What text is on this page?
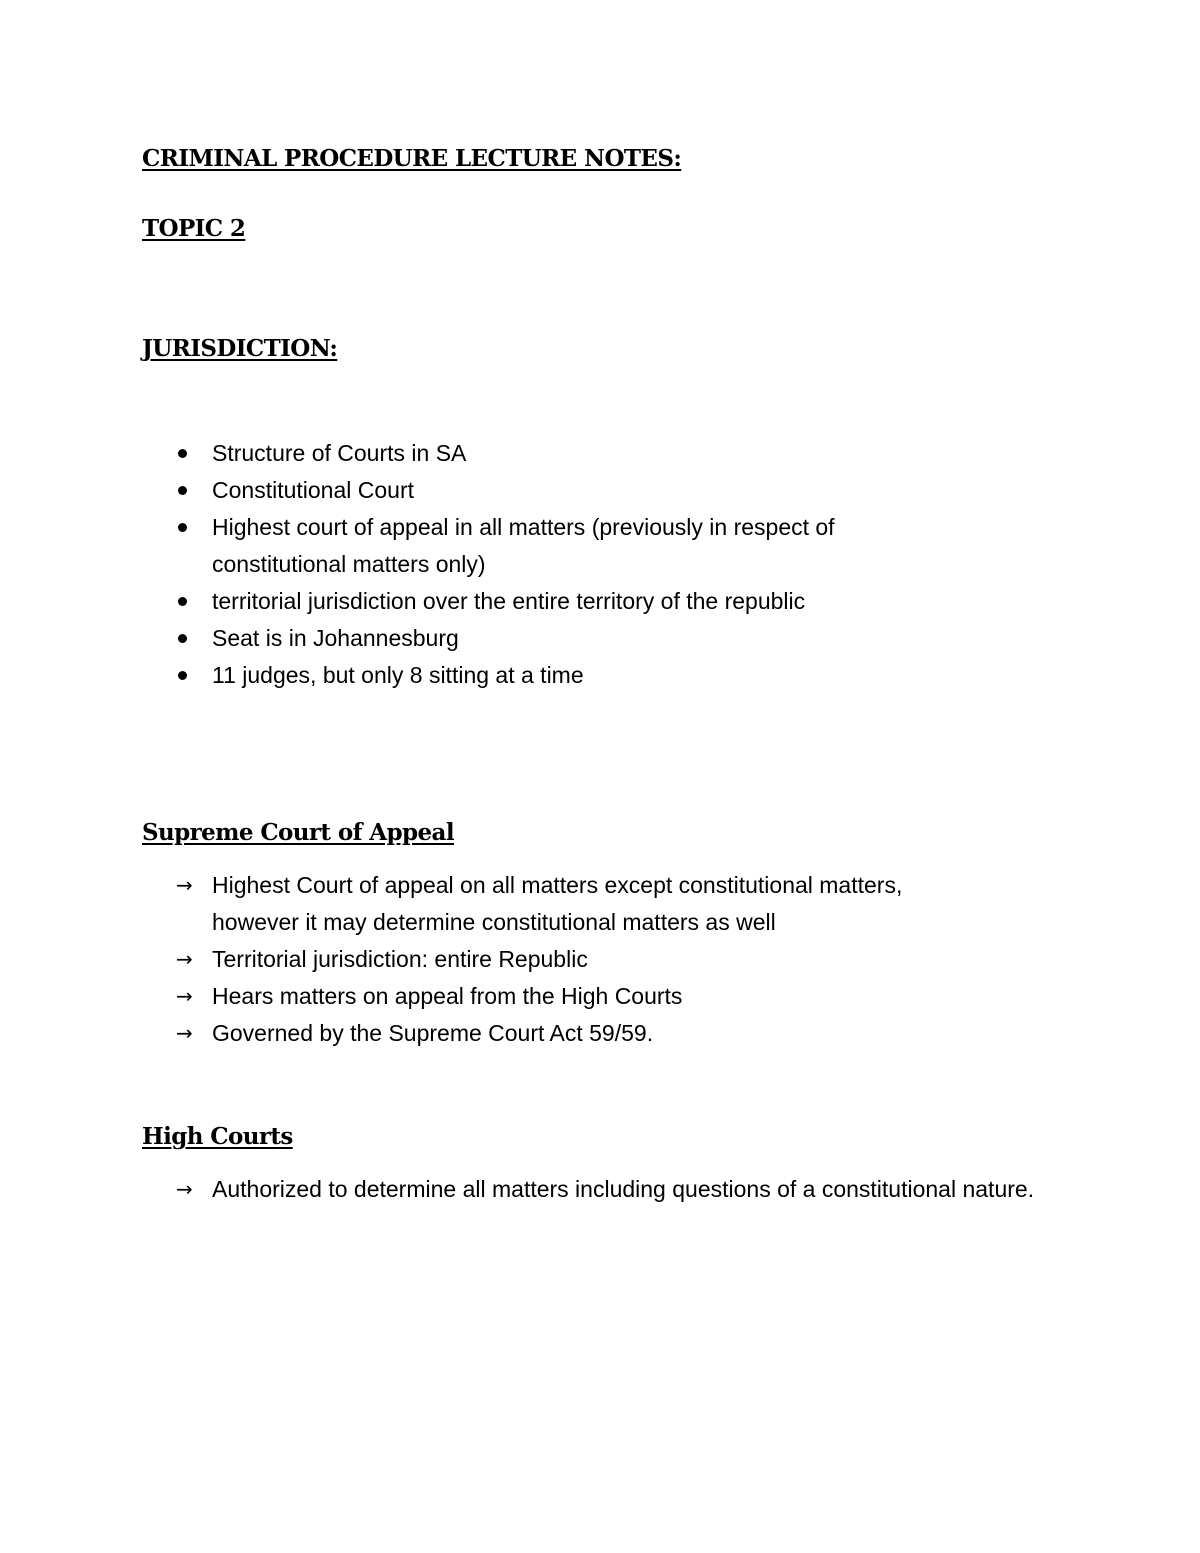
CRIMINAL PROCEDURE LECTURE NOTES:
TOPIC 2
JURISDICTION:
Structure of Courts in SA
Constitutional Court
Highest court of appeal in all matters (previously in respect of constitutional matters only)
territorial jurisdiction over the entire territory of the republic
Seat is in Johannesburg
11 judges, but only 8 sitting at a time
Supreme Court of Appeal
→ Highest Court of appeal on all matters except constitutional matters, however it may determine constitutional matters as well
→ Territorial jurisdiction: entire Republic
→ Hears matters on appeal from the High Courts
→ Governed by the Supreme Court Act 59/59.
High Courts
→ Authorized to determine all matters including questions of a constitutional nature.
